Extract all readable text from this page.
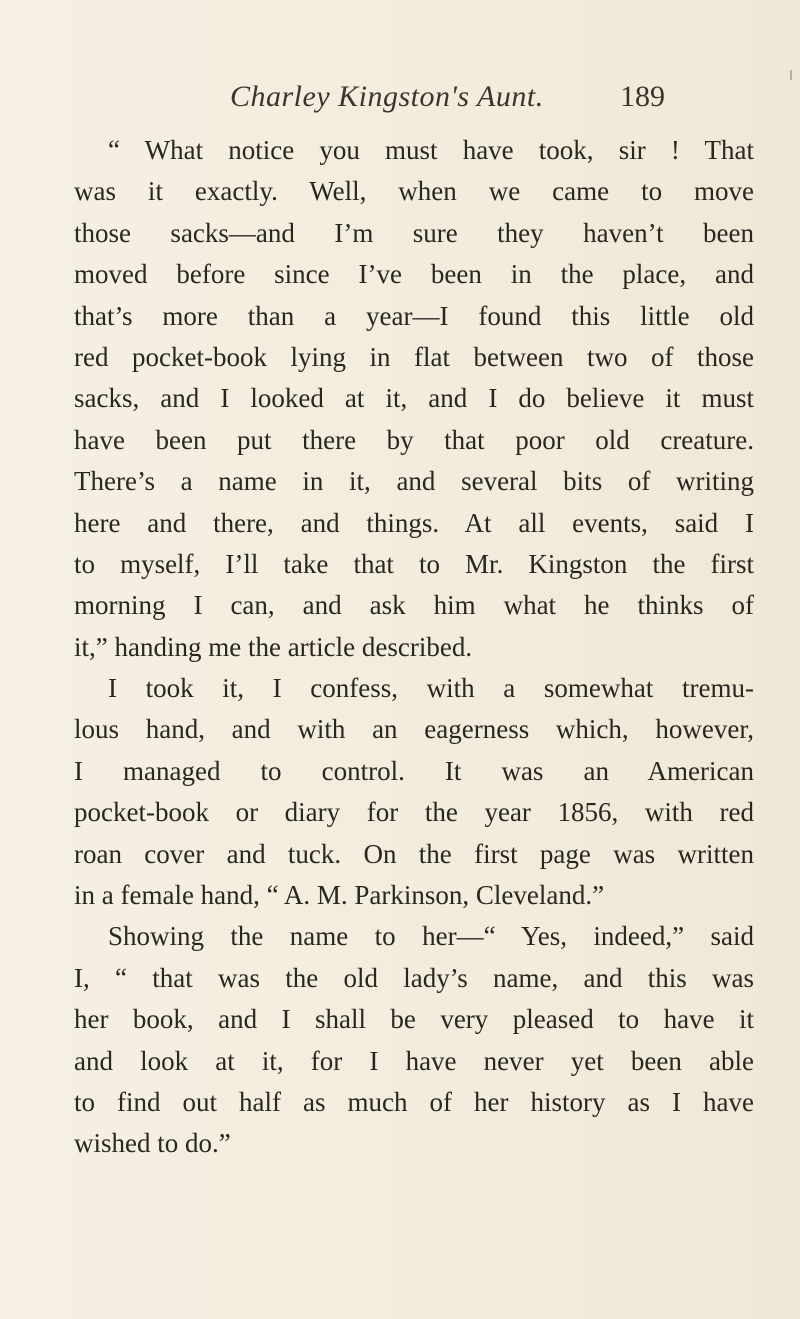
Charley Kingston's Aunt.	189
“ What notice you must have took, sir ! That
was it exactly. Well, when we came to move
those sacks—and I’m sure they haven’t been
moved before since I’ve been in the place, and
that’s more than a year—I found this little old
red pocket-book lying in flat between two of those
sacks, and I looked at it, and I do believe it must
have been put there by that poor old creature.
There’s a name in it, and several bits of writing
here and there, and things. At all events, said I
to myself, I’ll take that to Mr. Kingston the first
morning I can, and ask him what he thinks of
it,” handing me the article described.
I took it, I confess, with a somewhat tremu-
lous hand, and with an eagerness which, however,
I managed to control. It was an American
pocket-book or diary for the year 1856, with red
roan cover and tuck. On the first page was written
in a female hand, “ A. M. Parkinson, Cleveland.”
Showing the name to her—“ Yes, indeed,” said
I, “ that was the old lady’s name, and this was
her book, and I shall be very pleased to have it
and look at it, for I have never yet been able
to find out half as much of her history as I have
wished to do.”
